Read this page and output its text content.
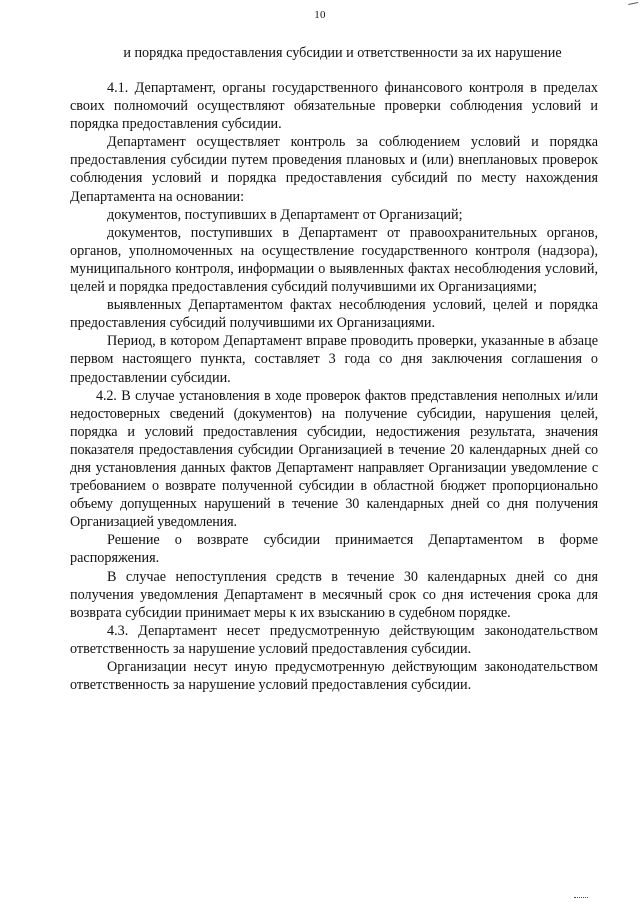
10
и порядка предоставления субсидии и ответственности за их нарушение

4.1. Департамент, органы государственного финансового контроля в пределах своих полномочий осуществляют обязательные проверки соблюдения условий и порядка предоставления субсидии.

Департамент осуществляет контроль за соблюдением условий и порядка предоставления субсидии путем проведения плановых и (или) внеплановых проверок соблюдения условий и порядка предоставления субсидий по месту нахождения Департамента на основании:

документов, поступивших в Департамент от Организаций;

документов, поступивших в Департамент от правоохранительных органов, органов, уполномоченных на осуществление государственного контроля (надзора), муниципального контроля, информации о выявленных фактах несоблюдения условий, целей и порядка предоставления субсидий получившими их Организациями;

выявленных Департаментом фактах несоблюдения условий, целей и порядка предоставления субсидий получившими их Организациями.

Период, в котором Департамент вправе проводить проверки, указанные в абзаце первом настоящего пункта, составляет 3 года со дня заключения соглашения о предоставлении субсидии.

4.2. В случае установления в ходе проверок фактов представления неполных и/или недостоверных сведений (документов) на получение субсидии, нарушения целей, порядка и условий предоставления субсидии, недостижения результата, значения показателя предоставления субсидии Организацией в течение 20 календарных дней со дня установления данных фактов Департамент направляет Организации уведомление с требованием о возврате полученной субсидии в областной бюджет пропорционально объему допущенных нарушений в течение 30 календарных дней со дня получения Организацией уведомления.

Решение о возврате субсидии принимается Департаментом в форме распоряжения.

В случае непоступления средств в течение 30 календарных дней со дня получения уведомления Департамент в месячный срок со дня истечения срока для возврата субсидии принимает меры к их взысканию в судебном порядке.

4.3. Департамент несет предусмотренную действующим законодательством ответственность за нарушение условий предоставления субсидии.

Организации несут иную предусмотренную действующим законодательством ответственность за нарушение условий предоставления субсидии.
